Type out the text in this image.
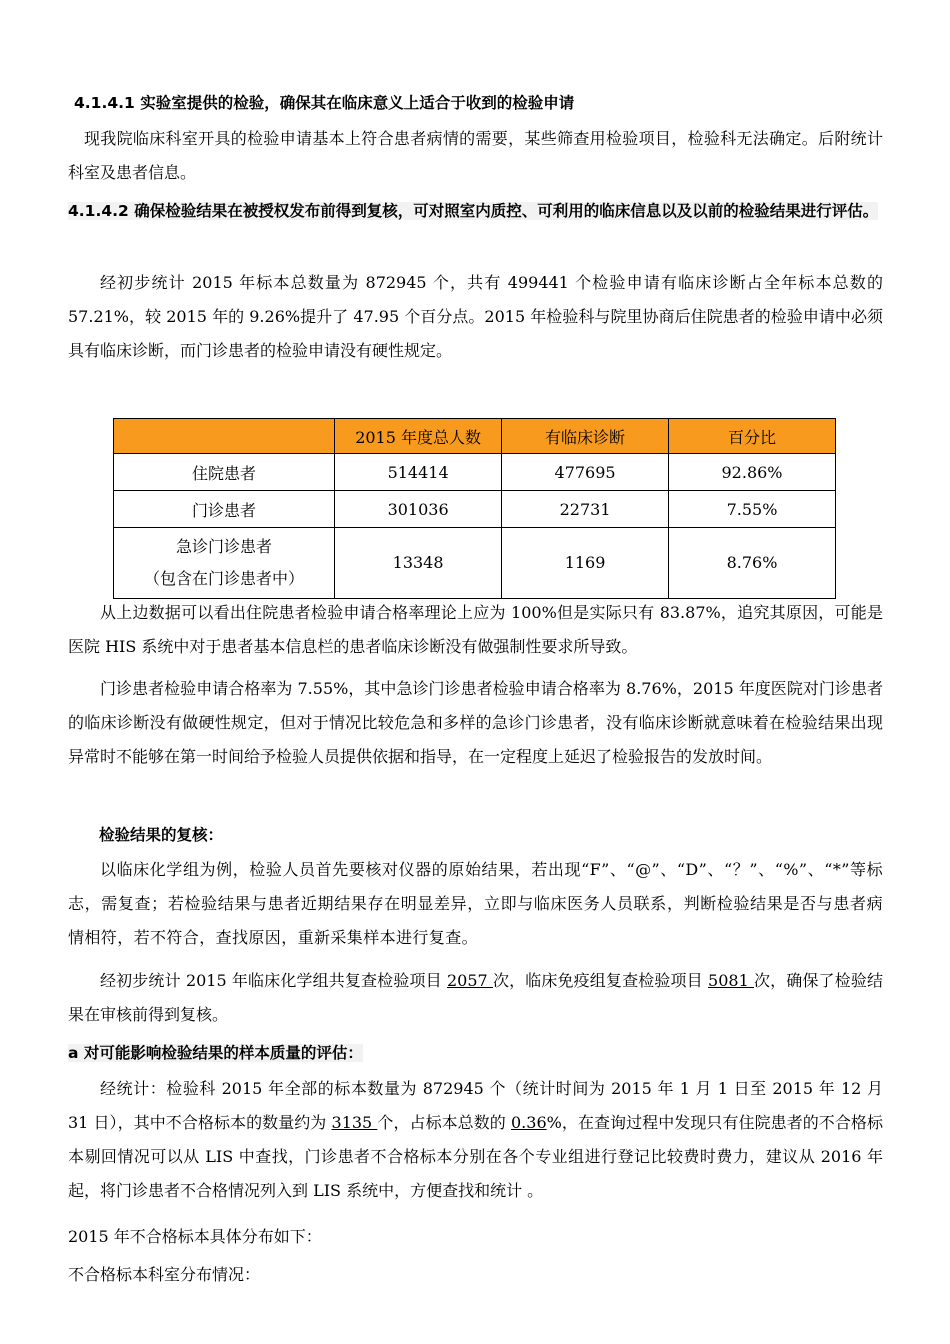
4.1.4.1 实验室提供的检验，确保其在临床意义上适合于收到的检验申请
现我院临床科室开具的检验申请基本上符合患者病情的需要，某些筛查用检验项目，检验科无法确定。后附统计科室及患者信息。
4.1.4.2 确保检验结果在被授权发布前得到复核，可对照室内质控、可利用的临床信息以及以前的检验结果进行评估。
经初步统计 2015 年标本总数量为 872945 个，共有 499441 个检验申请有临床诊断占全年标本总数的 57.21%，较 2015 年的 9.26%提升了 47.95 个百分点。2015 年检验科与院里协商后住院患者的检验申请中必须具有临床诊断，而门诊患者的检验申请没有硬性规定。
	2015 年度总人数	有临床诊断	百分比
住院患者	514414	477695	92.86%
门诊患者	301036	22731	7.55%

急诊门诊患者
（包含在门诊患者中）	13348	1169	8.76%
从上边数据可以看出住院患者检验申请合格率理论上应为 100%但是实际只有 83.87%，追究其原因，可能是医院 HIS 系统中对于患者基本信息栏的患者临床诊断没有做强制性要求所导致。
门诊患者检验申请合格率为 7.55%，其中急诊门诊患者检验申请合格率为 8.76%，2015 年度医院对门诊患者的临床诊断没有做硬性规定，但对于情况比较危急和多样的急诊门诊患者，没有临床诊断就意味着在检验结果出现异常时不能够在第一时间给予检验人员提供依据和指导，在一定程度上延迟了检验报告的发放时间。
检验结果的复核：
以临床化学组为例，检验人员首先要核对仪器的原始结果，若出现“F”、“@”、“D”、“？”、“%”、“*”等标志，需复查；若检验结果与患者近期结果存在明显差异，立即与临床医务人员联系，判断检验结果是否与患者病情相符，若不符合，查找原因，重新采集样本进行复查。
经初步统计 2015 年临床化学组共复查检验项目 2057 次，临床免疫组复查检验项目 5081 次，确保了检验结果在审核前得到复核。
a 对可能影响检验结果的样本质量的评估：
经统计：检验科 2015 年全部的标本数量为 872945 个（统计时间为 2015 年 1 月 1 日至 2015 年 12 月 31 日），其中不合格标本的数量约为 3135 个，占标本总数的 0.36%，在查询过程中发现只有住院患者的不合格标本剔回情况可以从 LIS 中查找，门诊患者不合格标本分别在各个专业组进行登记比较费时费力，建议从 2016 年起，将门诊患者不合格情况列入到 LIS 系统中，方便查找和统计 。
2015 年不合格标本具体分布如下：
不合格标本科室分布情况：
